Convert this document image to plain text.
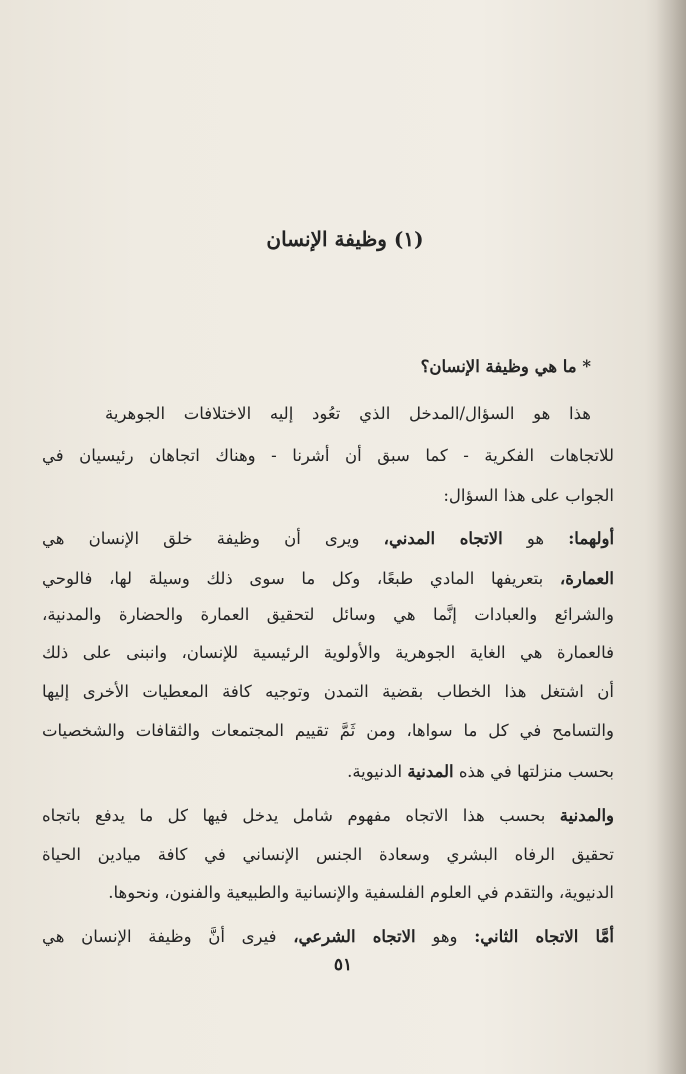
(١) وظيفة الإنسان
* ما هي وظيفة الإنسان؟
هذا هو السؤال/المدخل الذي تعُود إليه الاختلافات الجوهرية
للاتجاهات الفكرية - كما سبق أن أشرنا - وهناك اتجاهان رئيسيان في
الجواب على هذا السؤال:
أولهما: هو الاتجاه المدني، ويرى أن وظيفة خلق الإنسان هي
العمارة، بتعريفها المادي طبعًا، وكل ما سوى ذلك وسيلة لها، فالوحي
والشرائع والعبادات إنَّما هي وسائل لتحقيق العمارة والحضارة والمدنية،
فالعمارة هي الغاية الجوهرية والأولوية الرئيسية للإنسان، وانبنى على ذلك
أن اشتغل هذا الخطاب بقضية التمدن وتوجيه كافة المعطيات الأخرى إليها
والتسامح في كل ما سواها، ومن ثَمَّ تقييم المجتمعات والثقافات والشخصيات
بحسب منزلتها في هذه المدنية الدنيوية.
والمدنية بحسب هذا الاتجاه مفهوم شامل يدخل فيها كل ما يدفع باتجاه
تحقيق الرفاه البشري وسعادة الجنس الإنساني في كافة ميادين الحياة
الدنيوية، والتقدم في العلوم الفلسفية والإنسانية والطبيعية والفنون، ونحوها.
أمَّا الاتجاه الثاني: وهو الاتجاه الشرعي، فيرى أنَّ وظيفة الإنسان هي
٥١
